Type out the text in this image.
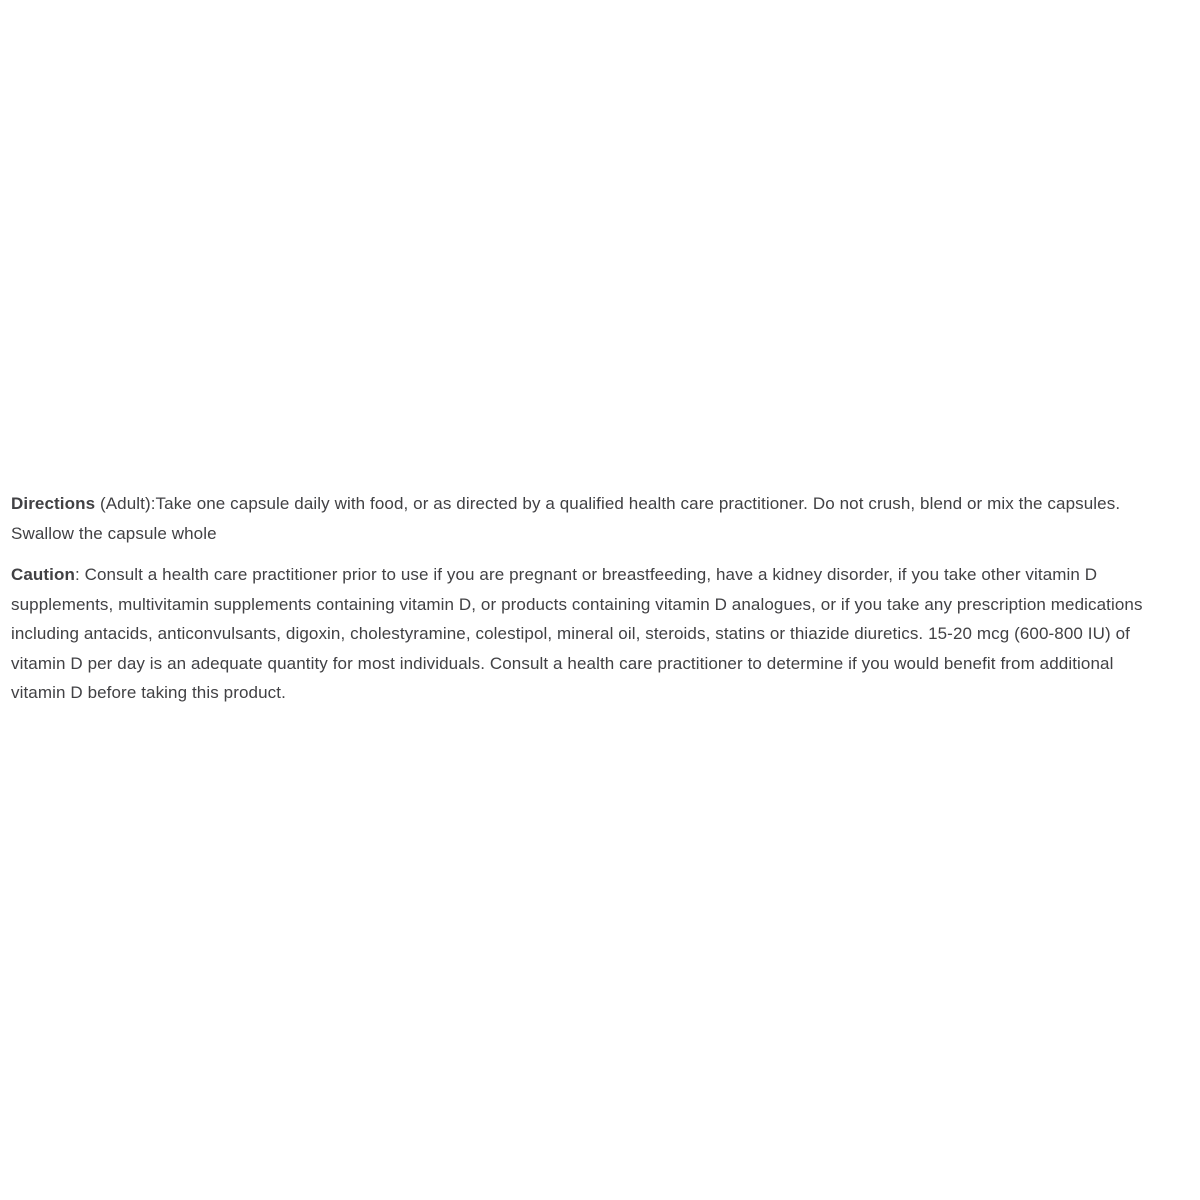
Directions (Adult):Take one capsule daily with food, or as directed by a qualified health care practitioner. Do not crush, blend or mix the capsules. Swallow the capsule whole

Caution: Consult a health care practitioner prior to use if you are pregnant or breastfeeding, have a kidney disorder, if you take other vitamin D supplements, multivitamin supplements containing vitamin D, or products containing vitamin D analogues, or if you take any prescription medications including antacids, anticonvulsants, digoxin, cholestyramine, colestipol, mineral oil, steroids, statins or thiazide diuretics. 15-20 mcg (600-800 IU) of vitamin D per day is an adequate quantity for most individuals. Consult a health care practitioner to determine if you would benefit from additional vitamin D before taking this product.
